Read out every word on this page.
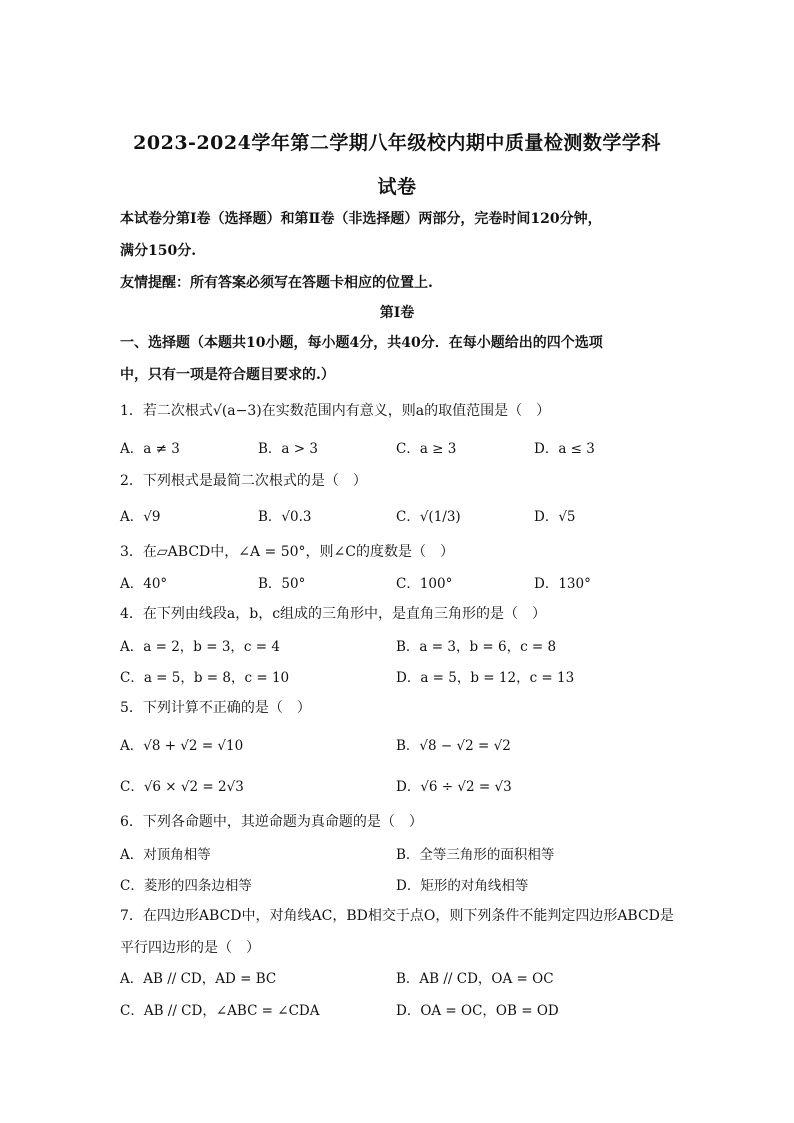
2023-2024学年第二学期八年级校内期中质量检测数学学科
试卷
本试卷分第Ⅰ卷（选择题）和第Ⅱ卷（非选择题）两部分，完卷时间120分钟，
满分150分.
友情提醒：所有答案必须写在答题卡相应的位置上.
第Ⅰ卷
一、选择题（本题共10小题，每小题4分，共40分．在每小题给出的四个选项
中，只有一项是符合题目要求的.）
1．若二次根式√(a−3)在实数范围内有意义，则a的取值范围是（　）
A．a ≠ 3	B．a > 3	C．a ≥ 3	D．a ≤ 3
2．下列根式是最简二次根式的是（　）
A．√9	B．√0.3	C．√(1/3)	D．√5
3．在▱ABCD中，∠A = 50°，则∠C的度数是（　）
A．40°	B．50°	C．100°	D．130°
4．在下列由线段a，b，c组成的三角形中，是直角三角形的是（　）
A．a = 2，b = 3，c = 4	B．a = 3，b = 6，c = 8
C．a = 5，b = 8，c = 10	D．a = 5，b = 12，c = 13
5．下列计算不正确的是（　）
A．√8 + √2 = √10	B．√8 − √2 = √2
C．√6 × √2 = 2√3	D．√6 ÷ √2 = √3
6．下列各命题中，其逆命题为真命题的是（　）
A．对顶角相等	B．全等三角形的面积相等
C．菱形的四条边相等	D．矩形的对角线相等
7．在四边形ABCD中，对角线AC，BD相交于点O，则下列条件不能判定四边形ABCD是
平行四边形的是（　）
A．AB // CD，AD = BC	B．AB // CD，OA = OC
C．AB // CD，∠ABC = ∠CDA	D．OA = OC，OB = OD
